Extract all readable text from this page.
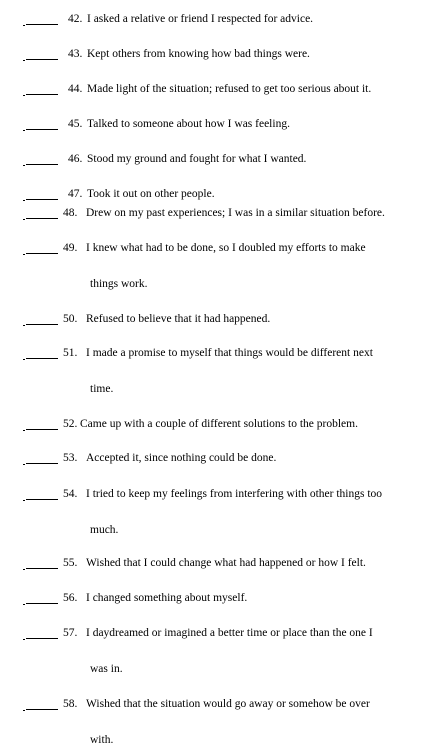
42. I asked a relative or friend I respected for advice.
43. Kept others from knowing how bad things were.
44. Made light of the situation; refused to get too serious about it.
45. Talked to someone about how I was feeling.
46. Stood my ground and fought for what I wanted.
47. Took it out on other people.
48. Drew on my past experiences; I was in a similar situation before.
49. I knew what had to be done, so I doubled my efforts to make
things work.
50. Refused to believe that it had happened.
51. I made a promise to myself that things would be different next
time.
52. Came up with a couple of different solutions to the problem.
53. Accepted it, since nothing could be done.
54. I tried to keep my feelings from interfering with other things too
much.
55. Wished that I could change what had happened or how I felt.
56. I changed something about myself.
57. I daydreamed or imagined a better time or place than the one I
was in.
58. Wished that the situation would go away or somehow be over
with.
